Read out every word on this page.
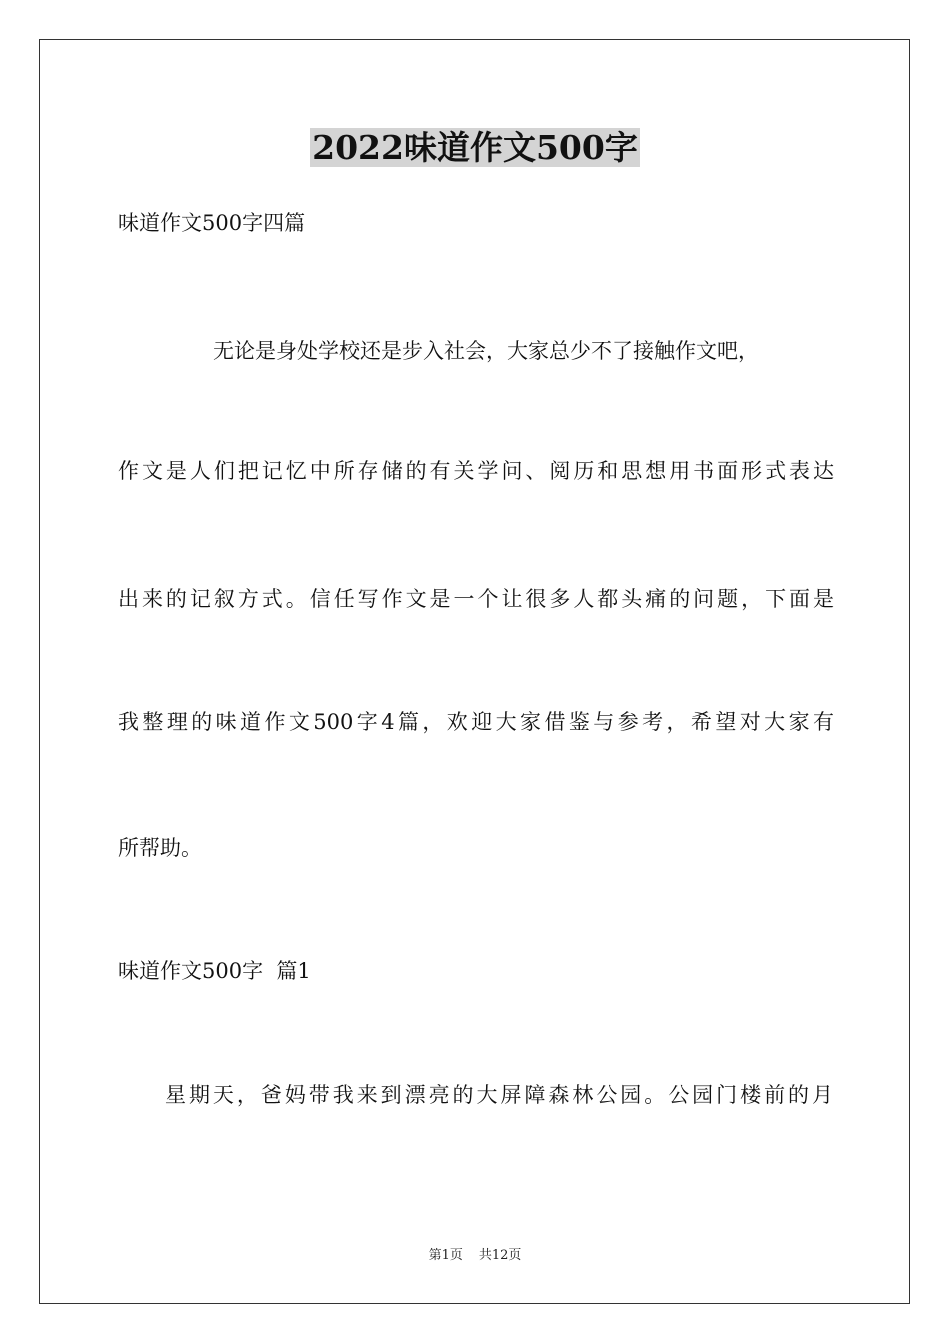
2022味道作文500字

味道作文500字四篇

无论是身处学校还是步入社会，大家总少不了接触作文吧，

作文是人们把记忆中所存储的有关学问、阅历和思想用书面形式表达

出来的记叙方式。信任写作文是一个让很多人都头痛的问题，下面是

我整理的味道作文500字4篇，欢迎大家借鉴与参考，希望对大家有

所帮助。

味道作文500字  篇1

星期天，爸妈带我来到漂亮的大屏障森林公园。公园门楼前的月

第1页 共12页
